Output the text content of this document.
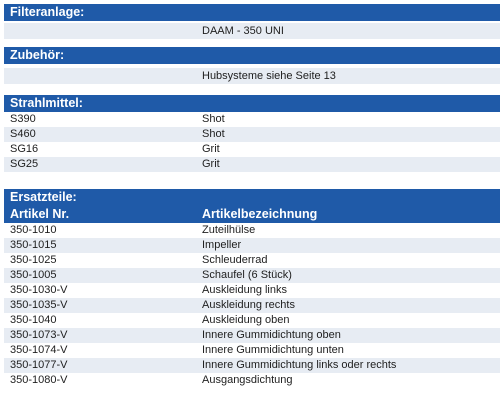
Filteranlage:
DAAM - 350 UNI
Zubehör:
Hubsysteme siehe Seite 13
Strahlmittel:
S390	Shot
S460	Shot
SG16	Grit
SG25	Grit
Ersatzteile:
Artikel Nr.	Artikelbezeichnung
350-1010	Zuteilhülse
350-1015	Impeller
350-1025	Schleuderrad
350-1005	Schaufel (6 Stück)
350-1030-V	Auskleidung links
350-1035-V	Auskleidung rechts
350-1040	Auskleidung oben
350-1073-V	Innere Gummidichtung oben
350-1074-V	Innere Gummidichtung unten
350-1077-V	Innere Gummidichtung links oder rechts
350-1080-V	Ausgangsdichtung
